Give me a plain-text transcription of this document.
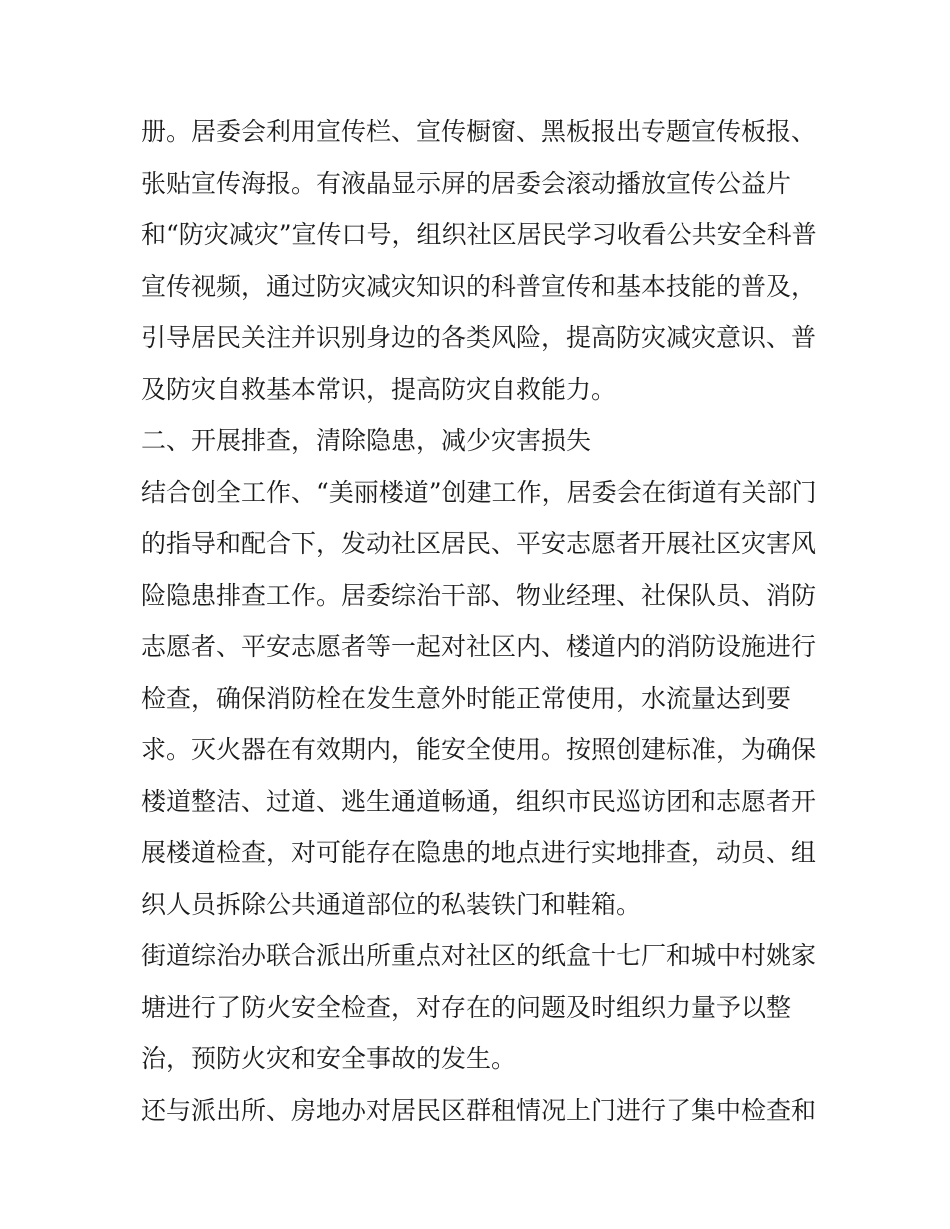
册。居委会利用宣传栏、宣传橱窗、黑板报出专题宣传板报、
张贴宣传海报。有液晶显示屏的居委会滚动播放宣传公益片
和“防灾减灾”宣传口号，组织社区居民学习收看公共安全科普
宣传视频，通过防灾减灾知识的科普宣传和基本技能的普及，
引导居民关注并识别身边的各类风险，提高防灾减灾意识、普
及防灾自救基本常识，提高防灾自救能力。
二、开展排查，清除隐患，减少灾害损失
结合创全工作、“美丽楼道”创建工作，居委会在街道有关部门
的指导和配合下，发动社区居民、平安志愿者开展社区灾害风
险隐患排查工作。居委综治干部、物业经理、社保队员、消防
志愿者、平安志愿者等一起对社区内、楼道内的消防设施进行
检查，确保消防栓在发生意外时能正常使用，水流量达到要
求。灭火器在有效期内，能安全使用。按照创建标准，为确保
楼道整洁、过道、逃生通道畅通，组织市民巡访团和志愿者开
展楼道检查，对可能存在隐患的地点进行实地排查，动员、组
织人员拆除公共通道部位的私装铁门和鞋箱。
街道综治办联合派出所重点对社区的纸盒十七厂和城中村姚家
塘进行了防火安全检查，对存在的问题及时组织力量予以整
治，预防火灾和安全事故的发生。
还与派出所、房地办对居民区群租情况上门进行了集中检查和
